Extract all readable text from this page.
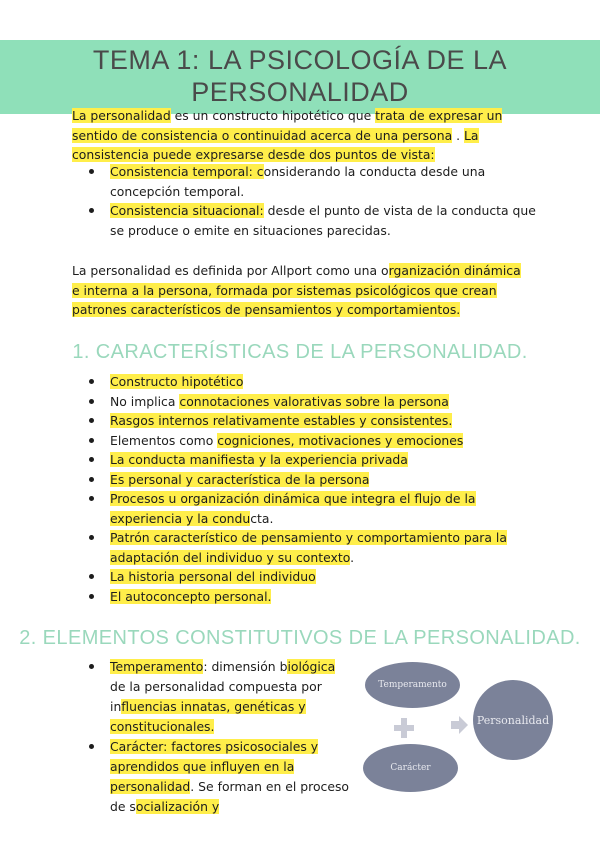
TEMA 1: LA PSICOLOGÍA DE LA PERSONALIDAD

La personalidad es un constructo hipotético que trata de expresar un sentido de consistencia o continuidad acerca de una persona . La consistencia puede expresarse desde dos puntos de vista:

Consistencia temporal: considerando la conducta desde una concepción temporal.
Consistencia situacional: desde el punto de vista de la conducta que se produce o emite en situaciones parecidas.

La personalidad es definida por Allport como una organización dinámica e interna a la persona, formada por sistemas psicológicos que crean patrones característicos de pensamientos y comportamientos.

1. CARACTERÍSTICAS DE LA PERSONALIDAD.
Constructo hipotético
No implica connotaciones valorativas sobre la persona
Rasgos internos relativamente estables y consistentes.
Elementos como cogniciones, motivaciones y emociones
La conducta manifiesta y la experiencia privada
Es personal y característica de la persona
Procesos u organización dinámica que integra el flujo de la experiencia y la conducta.
Patrón característico de pensamiento y comportamiento para la adaptación del individuo y su contexto.
La historia personal del individuo
El autoconcepto personal.
2. ELEMENTOS CONSTITUTIVOS DE LA PERSONALIDAD.
Temperamento: dimensión biológica de la personalidad compuesta por influencias innatas, genéticas y constitucionales.
Carácter: factores psicosociales y aprendidos que influyen en la personalidad. Se forman en el proceso de socialización y
Temperamento
Carácter
Personalidad
